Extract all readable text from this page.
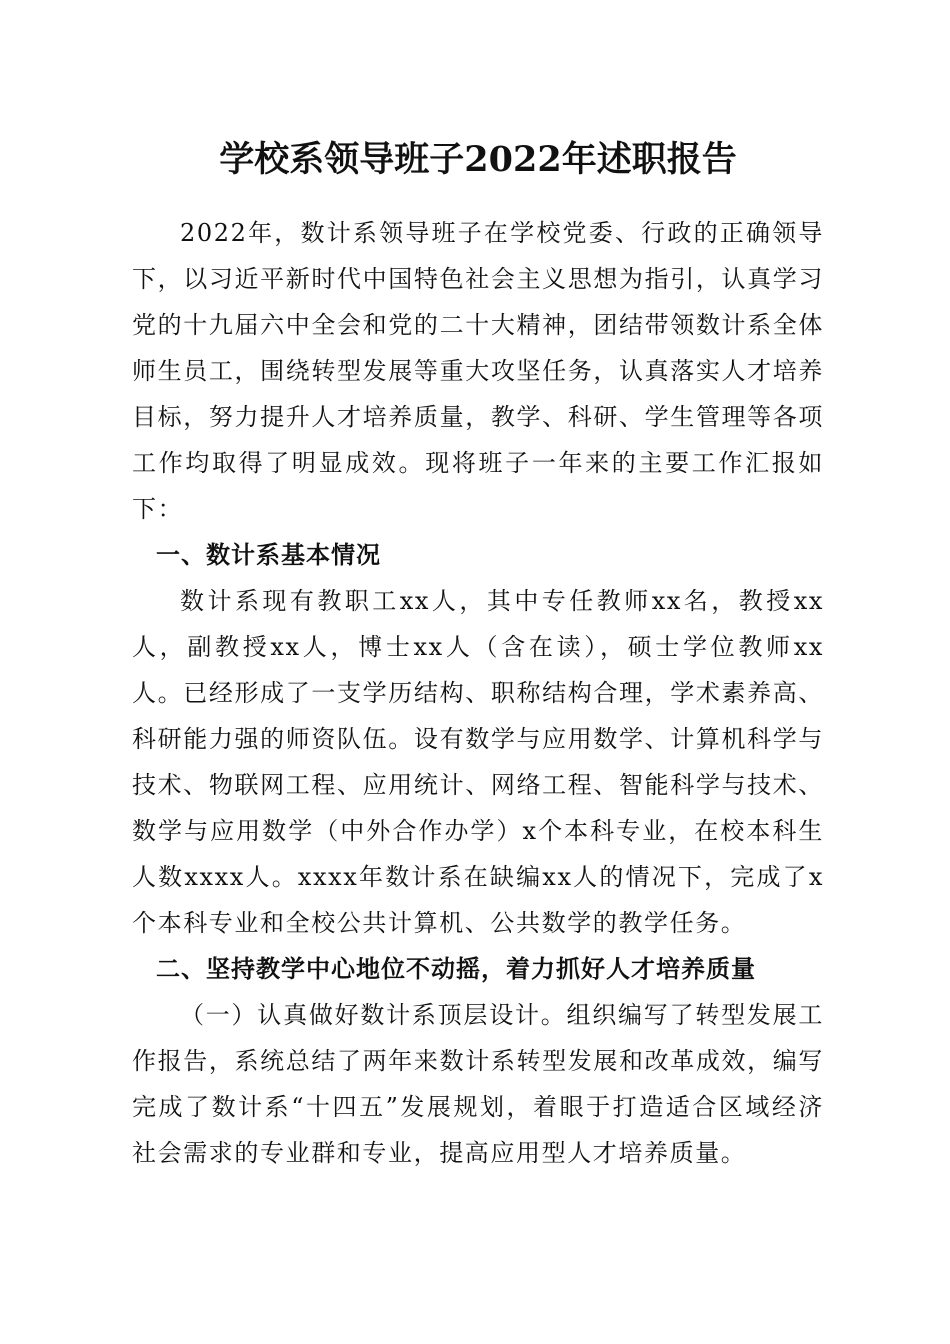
学校系领导班子2022年述职报告

2022年，数计系领导班子在学校党委、行政的正确领导下，以习近平新时代中国特色社会主义思想为指引，认真学习党的十九届六中全会和党的二十大精神，团结带领数计系全体师生员工，围绕转型发展等重大攻坚任务，认真落实人才培养目标，努力提升人才培养质量，教学、科研、学生管理等各项工作均取得了明显成效。现将班子一年来的主要工作汇报如下：

一、数计系基本情况

数计系现有教职工xx人，其中专任教师xx名，教授xx人，副教授xx人，博士xx人（含在读），硕士学位教师xx人。已经形成了一支学历结构、职称结构合理，学术素养高、科研能力强的师资队伍。设有数学与应用数学、计算机科学与技术、物联网工程、应用统计、网络工程、智能科学与技术、数学与应用数学（中外合作办学）x个本科专业，在校本科生人数xxxx人。xxxx年数计系在缺编xx人的情况下，完成了x个本科专业和全校公共计算机、公共数学的教学任务。

二、坚持教学中心地位不动摇，着力抓好人才培养质量

（一）认真做好数计系顶层设计。组织编写了转型发展工作报告，系统总结了两年来数计系转型发展和改革成效，编写完成了数计系“十四五”发展规划，着眼于打造适合区域经济社会需求的专业群和专业，提高应用型人才培养质量。
